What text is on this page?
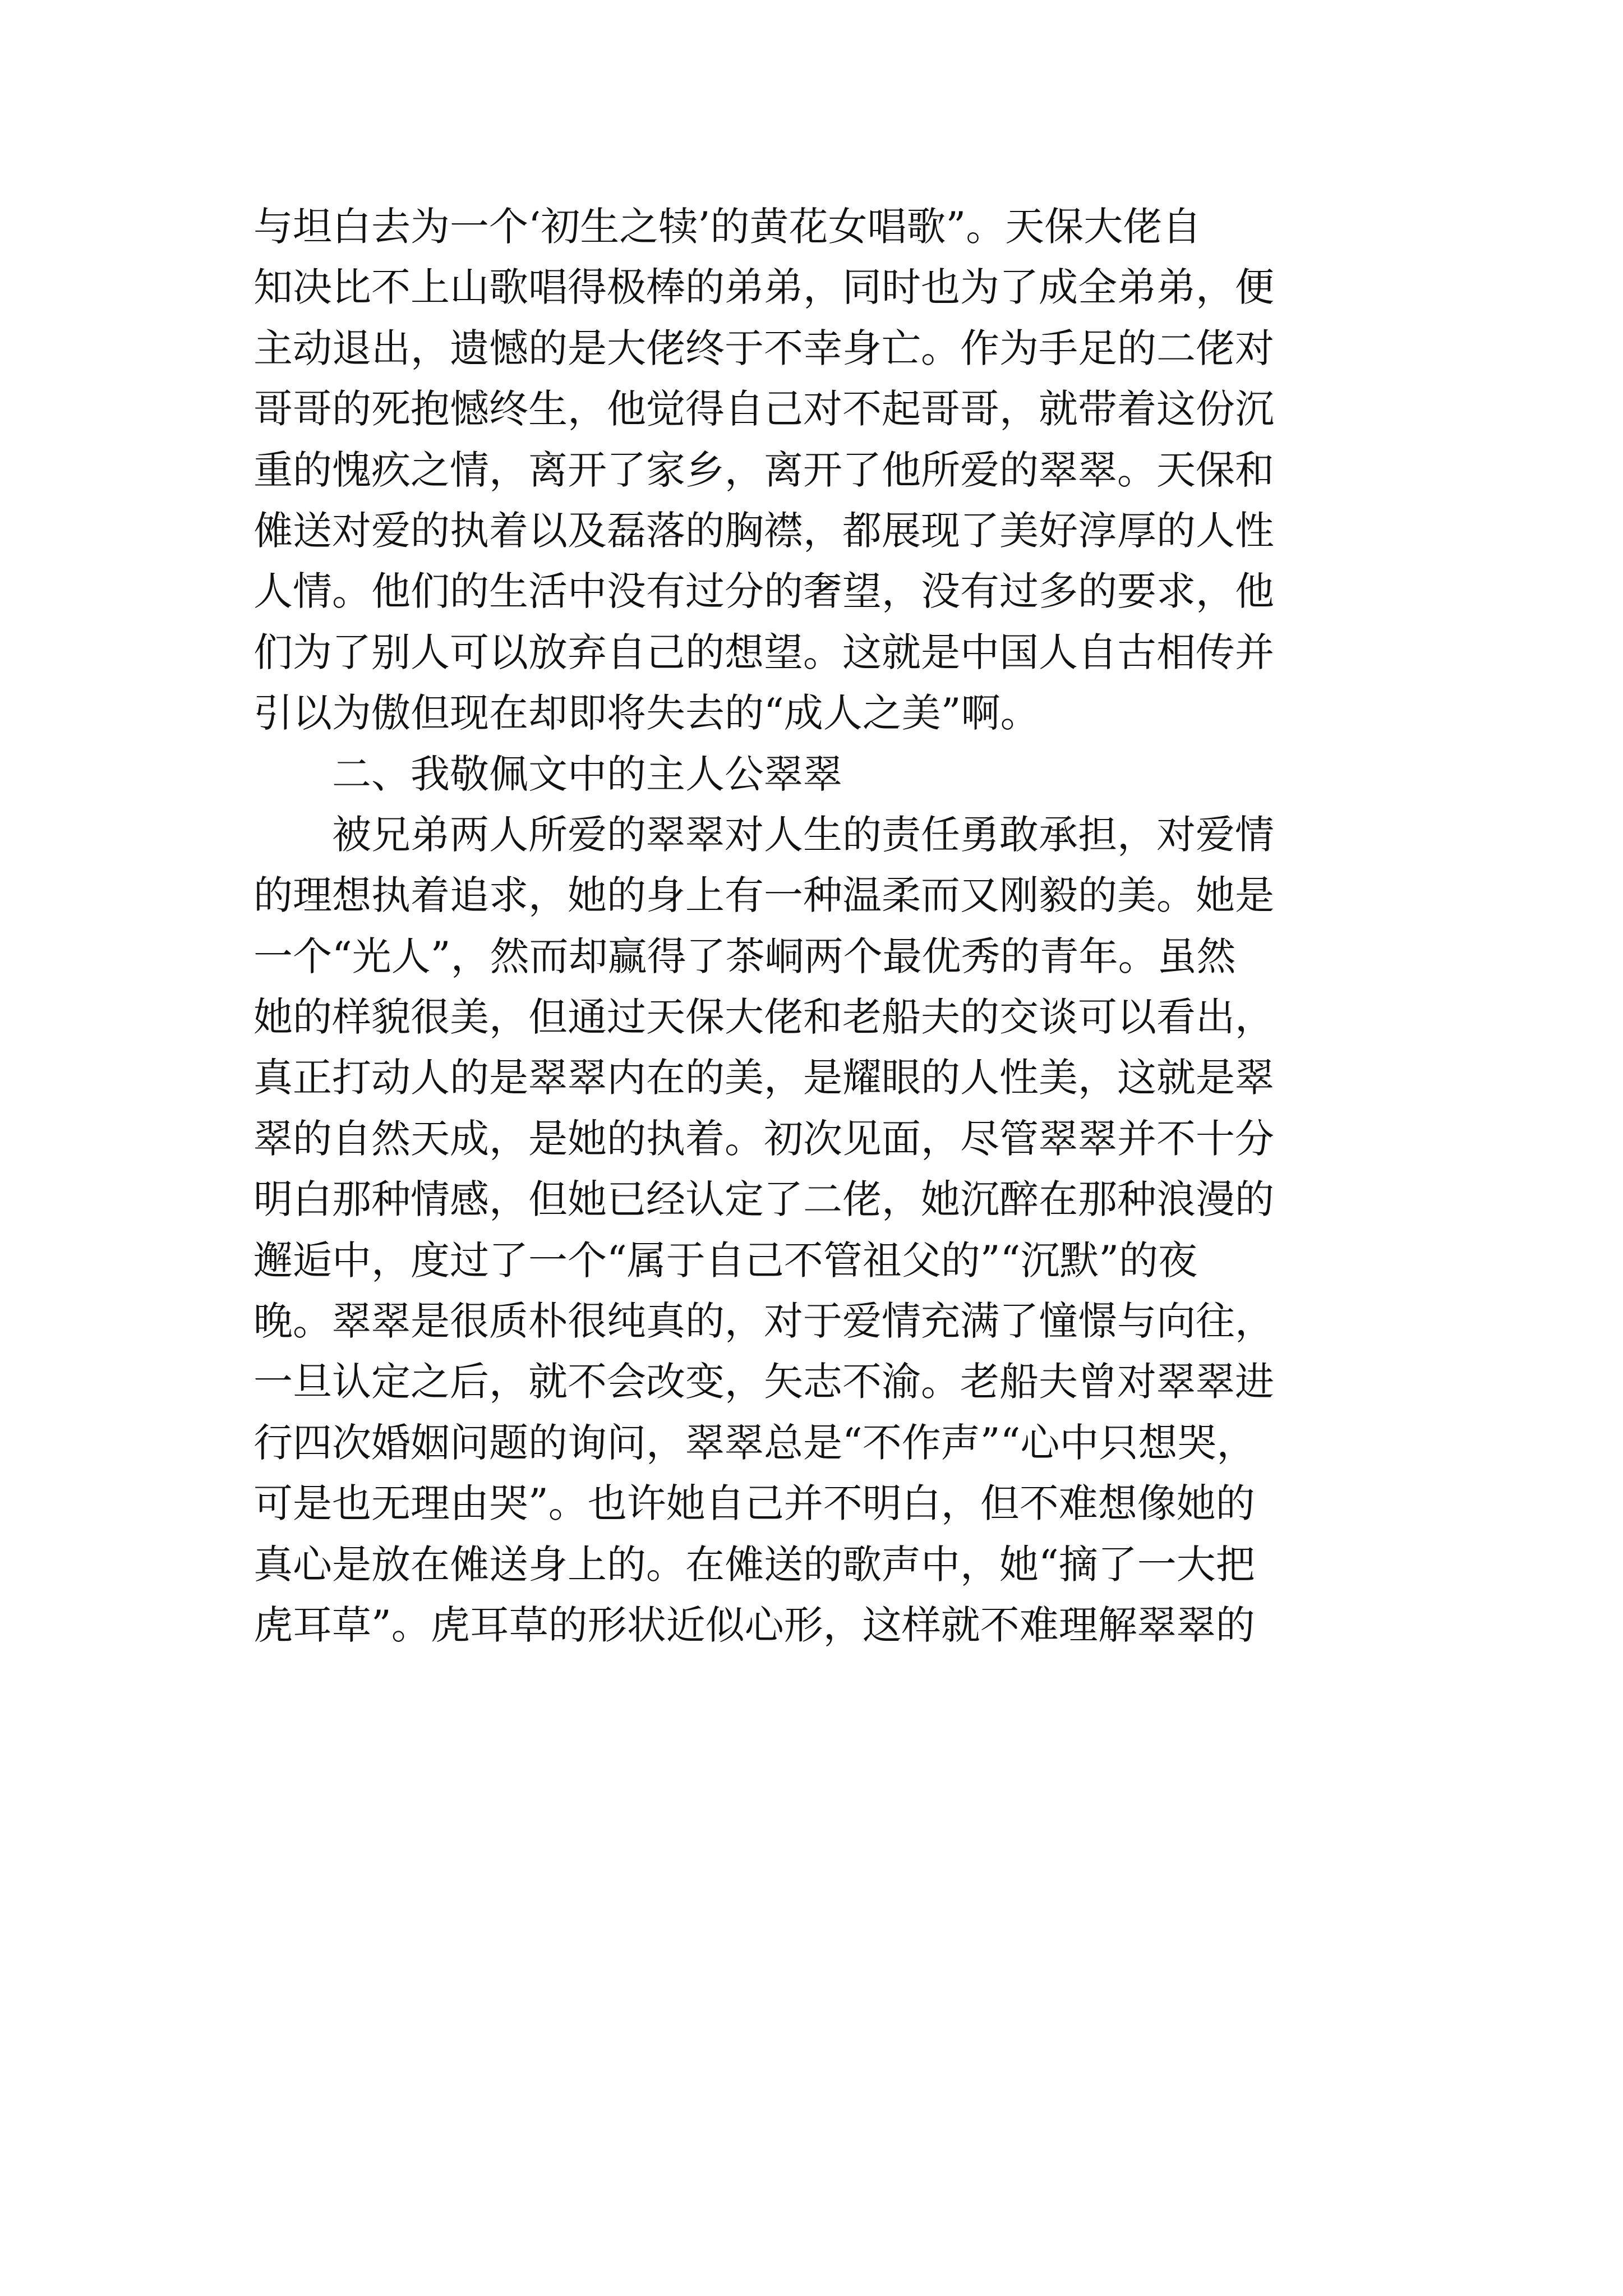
与坦白去为一个‘初生之犊’的黄花女唱歌”。天保大佬自
知决比不上山歌唱得极棒的弟弟，同时也为了成全弟弟，便
主动退出，遗憾的是大佬终于不幸身亡。作为手足的二佬对
哥哥的死抱憾终生，他觉得自己对不起哥哥，就带着这份沉
重的愧疚之情，离开了家乡，离开了他所爱的翠翠。天保和
傩送对爱的执着以及磊落的胸襟，都展现了美好淳厚的人性
人情。他们的生活中没有过分的奢望，没有过多的要求，他
们为了别人可以放弃自己的想望。这就是中国人自古相传并
引以为傲但现在却即将失去的“成人之美”啊。
二、我敬佩文中的主人公翠翠
被兄弟两人所爱的翠翠对人生的责任勇敢承担，对爱情
的理想执着追求，她的身上有一种温柔而又刚毅的美。她是
一个“光人”，然而却赢得了茶峒两个最优秀的青年。虽然
她的样貌很美，但通过天保大佬和老船夫的交谈可以看出，
真正打动人的是翠翠内在的美，是耀眼的人性美，这就是翠
翠的自然天成，是她的执着。初次见面，尽管翠翠并不十分
明白那种情感，但她已经认定了二佬，她沉醉在那种浪漫的
邂逅中，度过了一个“属于自己不管祖父的”“沉默”的夜
晚。翠翠是很质朴很纯真的，对于爱情充满了憧憬与向往，
一旦认定之后，就不会改变，矢志不渝。老船夫曾对翠翠进
行四次婚姻问题的询问，翠翠总是“不作声”“心中只想哭，
可是也无理由哭”。也许她自己并不明白，但不难想像她的
真心是放在傩送身上的。在傩送的歌声中，她“摘了一大把
虎耳草”。虎耳草的形状近似心形，这样就不难理解翠翠的
